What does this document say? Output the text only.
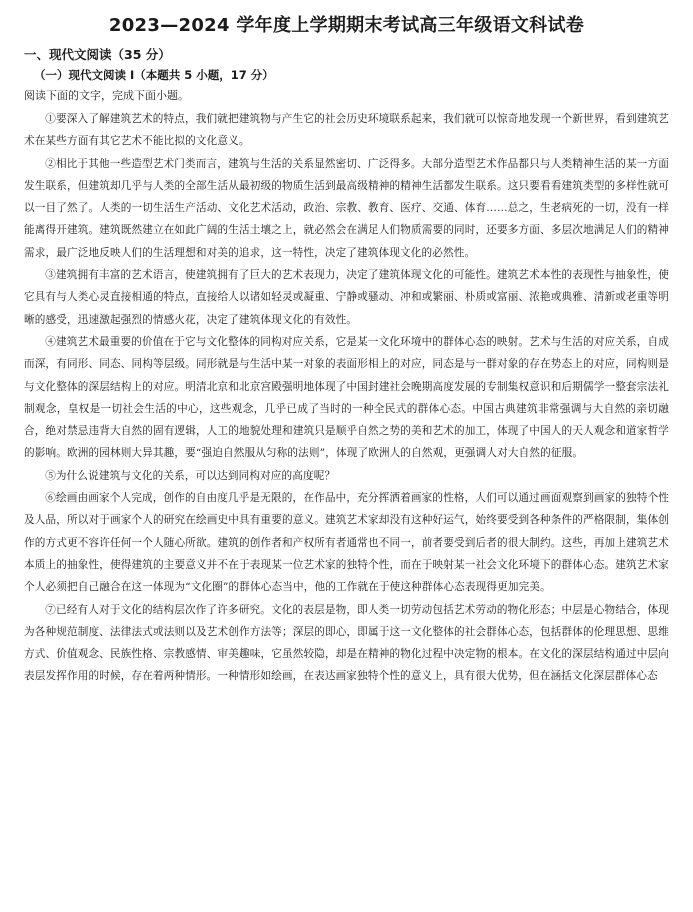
2023—2024 学年度上学期期末考试高三年级语文科试卷
一、现代文阅读（35 分）
（一）现代文阅读 I（本题共 5 小题，17 分）
阅读下面的文字，完成下面小题。

①要深入了解建筑艺术的特点，我们就把建筑物与产生它的社会历史环境联系起来，我们就可以惊奇地发现一个新世界，看到建筑艺术在某些方面有其它艺术不能比拟的文化意义。

②相比于其他一些造型艺术门类而言，建筑与生活的关系显然密切、广泛得多。大部分造型艺术作品都只与人类精神生活的某一方面发生联系，但建筑却几乎与人类的全部生活从最初级的物质生活到最高级精神的精神生活都发生联系。这只要看看建筑类型的多样性就可以一目了然了。人类的一切生活生产活动、文化艺术活动，政治、宗教、教育、医疗、交通、体育……总之，生老病死的一切，没有一样能离得开建筑。建筑既然建立在如此广阔的生活土壤之上，就必然会在满足人们物质需要的同时，还要多方面、多层次地满足人们的精神需求，最广泛地反映人们的生活理想和对美的追求，这一特性，决定了建筑体现文化的必然性。

③建筑拥有丰富的艺术语言，使建筑拥有了巨大的艺术表现力，决定了建筑体现文化的可能性。建筑艺术本性的表现性与抽象性，使它具有与人类心灵直接相通的特点，直接给人以诸如轻灵或凝重、宁静或骚动、冲和或繁丽、朴质或富丽、浓艳或典雅、清新或老重等明晰的感受，迅速激起强烈的情感火花，决定了建筑体现文化的有效性。

④建筑艺术最重要的价值在于它与文化整体的同构对应关系，它是某一文化环境中的群体心态的映射。艺术与生活的对应关系，自成而深，有同形、同态、同构等层级。同形就是与生活中某一对象的表面形相上的对应，同态是与一群对象的存在势态上的对应，同构则是与文化整体的深层结构上的对应。明清北京和北京宫殿强明地体现了中国封建社会晚期高度发展的专制集权意识和后期儒学一整套宗法礼制观念，皇权是一切社会生活的中心，这些观念，几乎已成了当时的一种全民式的群体心态。中国古典建筑非常强调与大自然的亲切融合，绝对禁忌违背大自然的固有逻辑，人工的地貌处理和建筑只是顺乎自然之势的美和艺术的加工，体现了中国人的天人观念和道家哲学的影响。欧洲的园林则大异其趣，要“强迫自然服从匀称的法则”，体现了欧洲人的自然观，更强调人对大自然的征服。

⑤为什么说建筑与文化的关系，可以达到同构对应的高度呢？

⑥绘画由画家个人完成，创作的自由度几乎是无限的，在作品中，充分挥洒着画家的性格，人们可以通过画面观察到画家的独特个性及人品，所以对于画家个人的研究在绘画史中具有重要的意义。建筑艺术家却没有这种好运气，始终要受到各种条件的严格限制，集体创作的方式更不容许任何一个人随心所欲。建筑的创作者和产权所有者通常也不同一，前者要受到后者的很大制约。这些，再加上建筑艺术本质上的抽象性，使得建筑的主要意义并不在于表现某一位艺术家的独特个性，而在于映射某一社会文化环境下的群体心态。建筑艺术家个人必须把自己融合在这一体现为“文化圈”的群体心态当中，他的工作就在于使这种群体心态表现得更加完美。

⑦已经有人对于文化的结构层次作了许多研究。文化的表层是物，即人类一切劳动包括艺术劳动的物化形态；中层是心物结合，体现为各种规范制度、法律法式或法则以及艺术创作方法等；深层的即心，即属于这一文化整体的社会群体心态，包括群体的伦理思想、思维方式、价值观念、民族性格、宗教感情、审美趣味，它虽然较隐，却是在精神的物化过程中决定物的根本。在文化的深层结构通过中层向表层发挥作用的时候，存在着两种情形。一种情形如绘画，在表达画家独特个性的意义上，具有很大优势，但在涵括文化深层群体心态
